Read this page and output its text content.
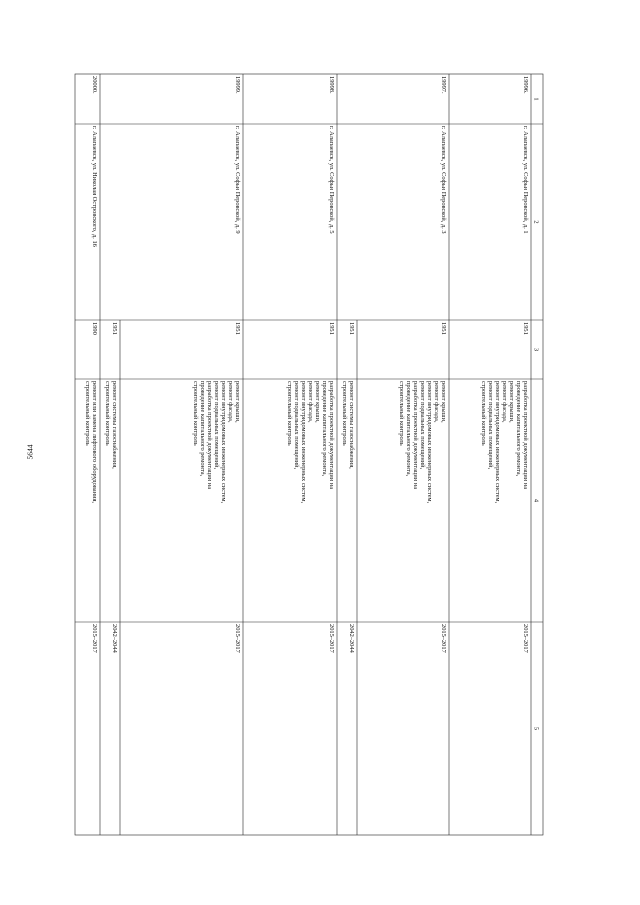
5644
1
2
3
4
5
19996.
г. Алапаевск, ул. Софьи Перовской, д. 1
1951
разработка проектной документации на
проведение капитального ремонта,
ремонт крыши,
ремонт фасада,
ремонт внутридомовых инженерных систем,
ремонт подвальных помещений,
строительный контроль
2015–2017
19997.
г. Алапаевск, ул. Софьи Перовской, д. 3
1951
ремонт крыши,
ремонт фасада,
ремонт внутридомовых инженерных систем,
ремонт подвальных помещений,
разработка проектной документации на
проведение капитального ремонта,
строительный контроль
2015–2017
1951
ремонт системы газоснабжения,
строительный контроль
2042–2044
19998.
г. Алапаевск, ул. Софьи Перовской, д. 5
1951
разработка проектной документации на
проведение капитального ремонта,
ремонт крыши,
ремонт фасада,
ремонт внутридомовых инженерных систем,
ремонт подвальных помещений,
строительный контроль
2015–2017
19999.
г. Алапаевск, ул. Софьи Перовской, д. 9
1951
ремонт крыши,
ремонт фасада,
ремонт внутридомовых инженерных систем,
ремонт подвальных помещений,
разработка проектной документации на
проведение капитального ремонта,
строительный контроль
2015–2017
1951
ремонт системы газоснабжения,
строительный контроль
2042–2044
20000.
г. Алапаевск, ул. Николая Островского, д. 16
1990
ремонт или замена лифтового оборудования,
строительный контроль
2015–2017
